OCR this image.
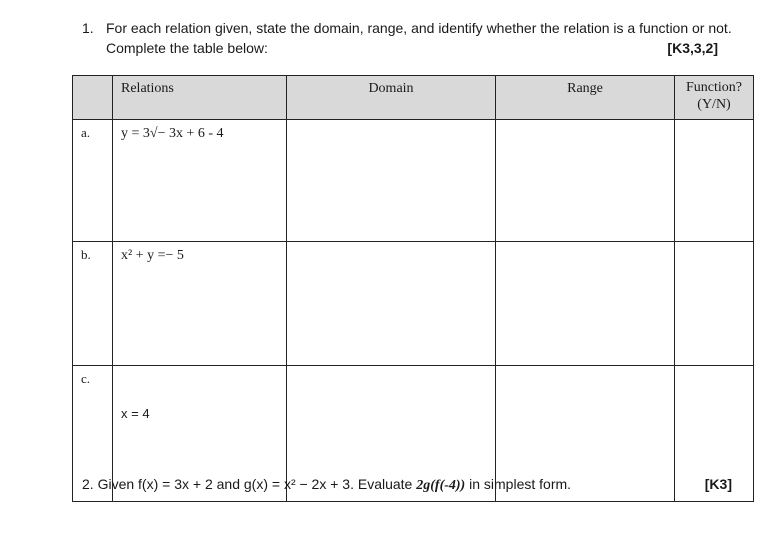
1. For each relation given, state the domain, range, and identify whether the relation is a function or not. Complete the table below:	[K3,3,2]
	Relations	Domain	Range	Function?
(Y/N)

a.	y = 3√− 3x + 6 - 4			
b.	x² + y =− 5			
c.	x = 4			
2. Given f(x) = 3x + 2 and g(x) = x² − 2x + 3. Evaluate 2g(f(-4)) in simplest form.	[K3]
